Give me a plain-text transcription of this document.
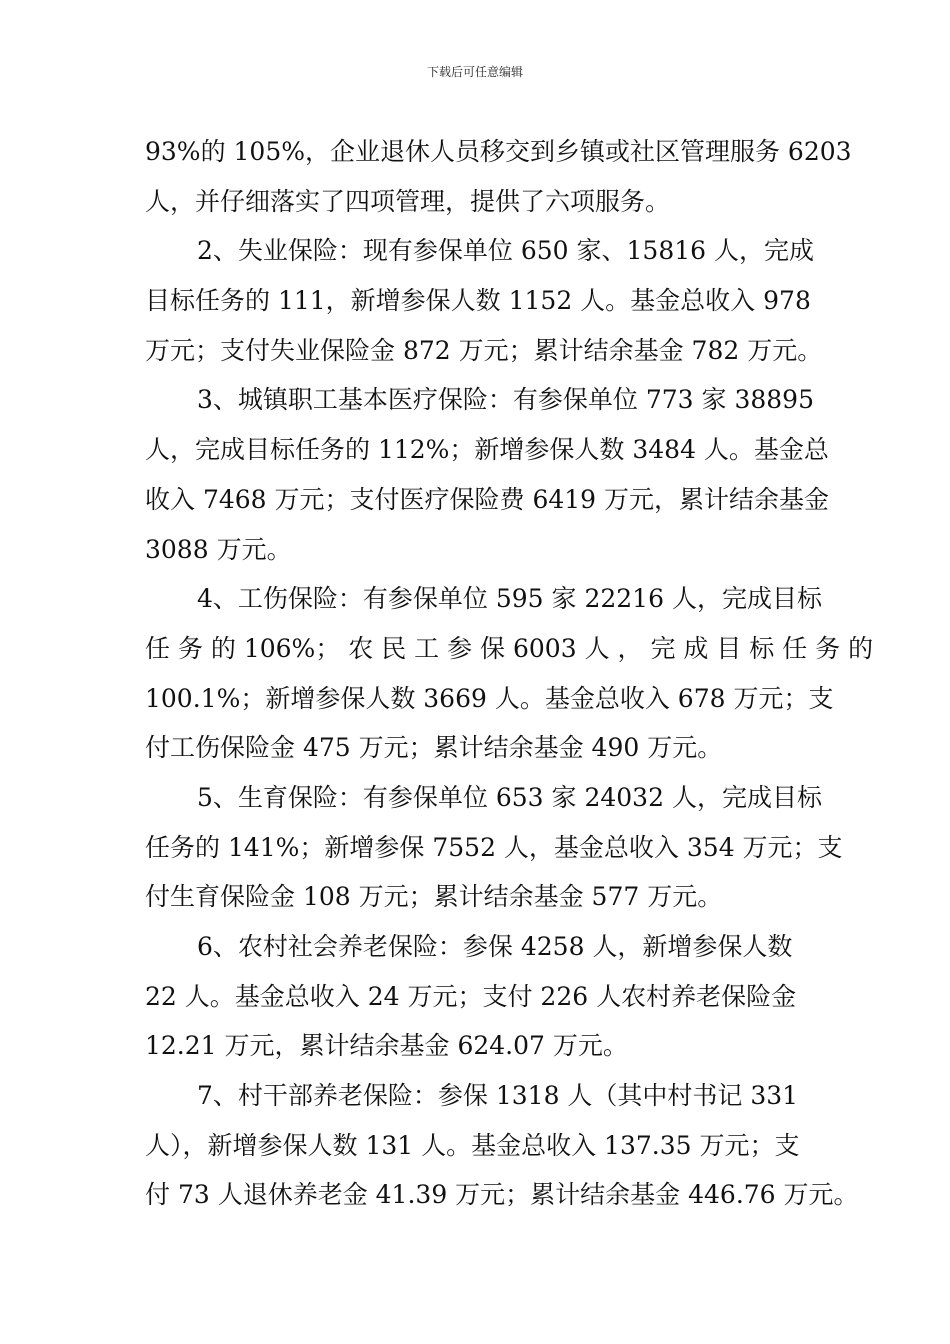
下载后可任意编辑
93%的 105%，企业退休人员移交到乡镇或社区管理服务 6203
人，并仔细落实了四项管理，提供了六项服务。
2、失业保险：现有参保单位 650 家、15816 人，完成
目标任务的 111，新增参保人数 1152 人。基金总收入 978
万元；支付失业保险金 872 万元；累计结余基金 782 万元。
3、城镇职工基本医疗保险：有参保单位 773 家 38895
人，完成目标任务的 112%；新增参保人数 3484 人。基金总
收入 7468 万元；支付医疗保险费 6419 万元，累计结余基金
3088 万元。
4、工伤保险：有参保单位 595 家 22216 人，完成目标
任 务 的 106%； 农 民 工 参 保 6003 人 ， 完 成 目 标 任 务 的
100.1%；新增参保人数 3669 人。基金总收入 678 万元；支
付工伤保险金 475 万元；累计结余基金 490 万元。
5、生育保险：有参保单位 653 家 24032 人，完成目标
任务的 141%；新增参保 7552 人，基金总收入 354 万元；支
付生育保险金 108 万元；累计结余基金 577 万元。
6、农村社会养老保险：参保 4258 人，新增参保人数
22 人。基金总收入 24 万元；支付 226 人农村养老保险金
12.21 万元，累计结余基金 624.07 万元。
7、村干部养老保险：参保 1318 人（其中村书记 331
人），新增参保人数 131 人。基金总收入 137.35 万元；支
付 73 人退休养老金 41.39 万元；累计结余基金 446.76 万元。
